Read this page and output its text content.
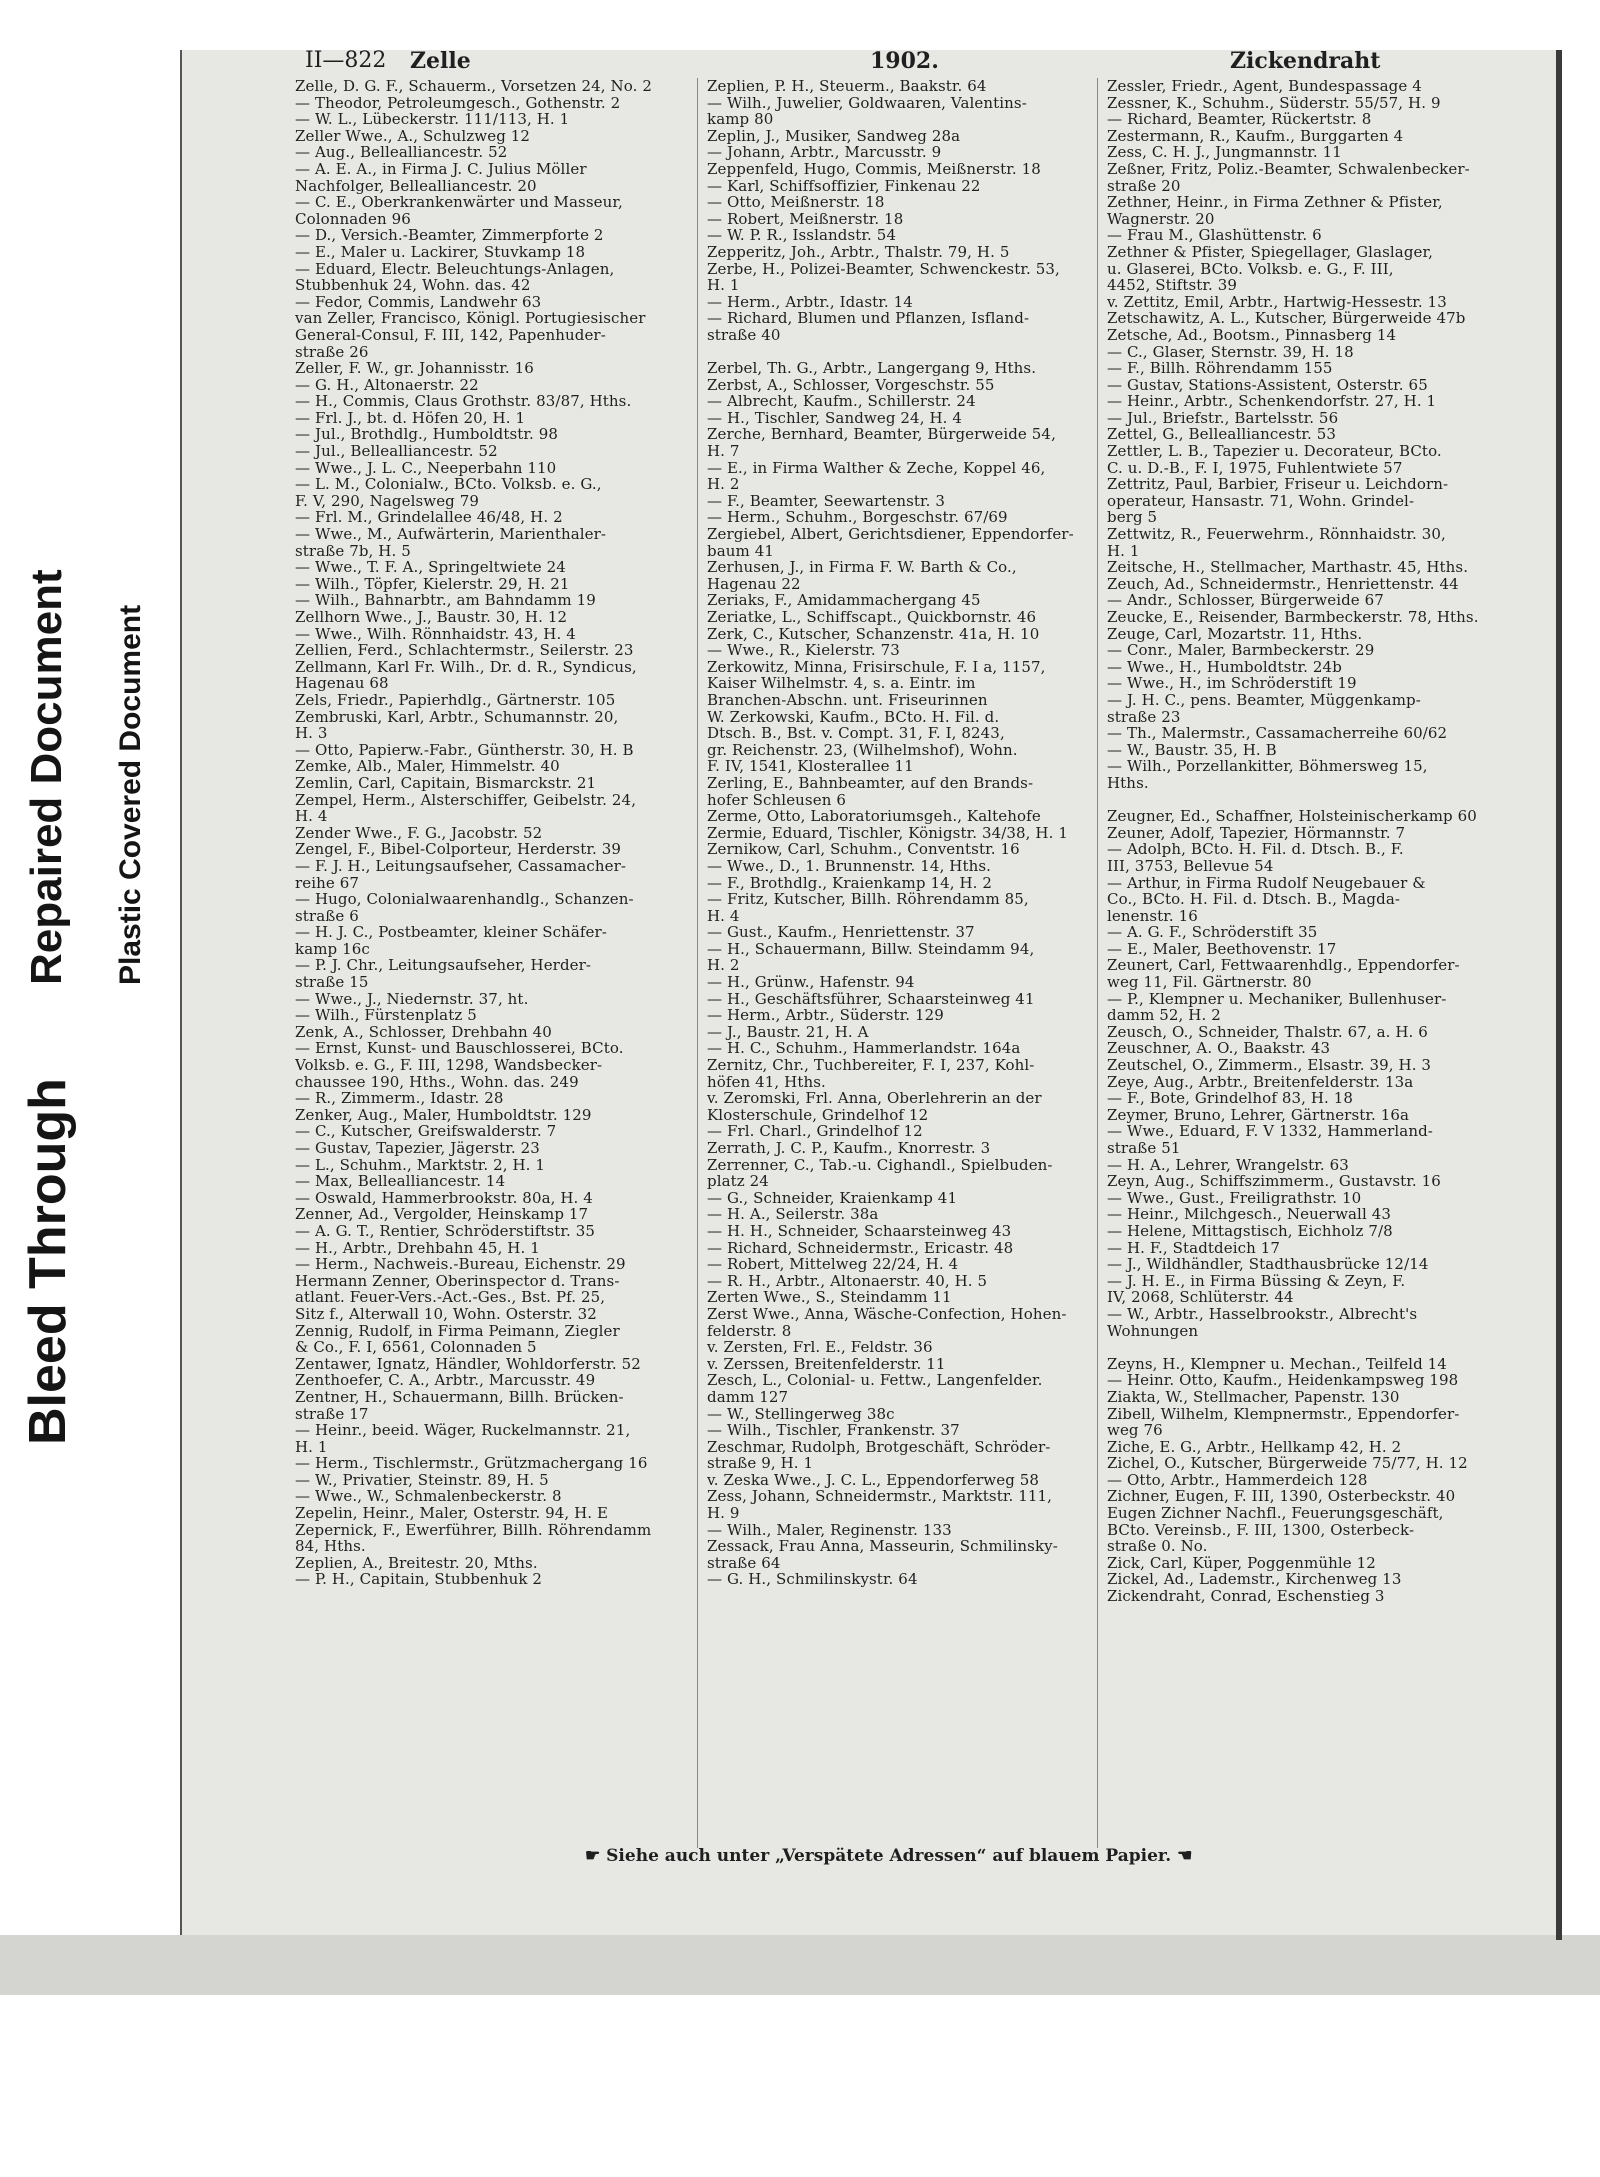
Bleed Through
Repaired Document Plastic Covered Document
II—822 Zelle	1902.	Zickendraht
Zelle, D. G. F., Schauerm., Vorsetzen 24, No. 2
— Theodor, Petroleumgesch., Gothenstr. 2
— W. L., Lübeckerstr. 111/113, H. 1
Zeller Wwe., A., Schulzweg 12
— Aug., Bellealliancestr. 52
— A. E. A., in Firma J. C. Julius Möller
Nachfolger, Bellealliancestr. 20
— C. E., Oberkrankenwärter und Masseur,
Colonnaden 96
— D., Versich.-Beamter, Zimmerpforte 2
— E., Maler u. Lackirer, Stuvkamp 18
— Eduard, Electr. Beleuchtungs-Anlagen,
Stubbenhuk 24, Wohn. das. 42
— Fedor, Commis, Landwehr 63
van Zeller, Francisco, Königl. Portugiesischer
General-Consul, F. III, 142, Papenhuder-
straße 26
Zeller, F. W., gr. Johannisstr. 16
— G. H., Altonaerstr. 22
— H., Commis, Claus Grothstr. 83/87, Hths.
— Frl. J., bt. d. Höfen 20, H. 1
— Jul., Brothdlg., Humboldtstr. 98
— Jul., Bellealliancestr. 52
— Wwe., J. L. C., Neeperbahn 110
— L. M., Colonialw., BCto. Volksb. e. G.,
F. V, 290, Nagelsweg 79
— Frl. M., Grindelallee 46/48, H. 2
— Wwe., M., Aufwärterin, Marienthaler-
straße 7b, H. 5
— Wwe., T. F. A., Springeltwiete 24
— Wilh., Töpfer, Kielerstr. 29, H. 21
— Wilh., Bahnarbtr., am Bahndamm 19
Zellhorn Wwe., J., Baustr. 30, H. 12
— Wwe., Wilh. Rönnhaidstr. 43, H. 4
Zellien, Ferd., Schlachtermstr., Seilerstr. 23
Zellmann, Karl Fr. Wilh., Dr. d. R., Syndicus,
Hagenau 68
Zels, Friedr., Papierhdlg., Gärtnerstr. 105
Zembruski, Karl, Arbtr., Schumannstr. 20,
H. 3
— Otto, Papierw.-Fabr., Güntherstr. 30, H. B
Zemke, Alb., Maler, Himmelstr. 40
Zemlin, Carl, Capitain, Bismarckstr. 21
Zempel, Herm., Alsterschiffer, Geibelstr. 24,
H. 4
Zender Wwe., F. G., Jacobstr. 52
Zengel, F., Bibel-Colporteur, Herderstr. 39
— F. J. H., Leitungsaufseher, Cassamacher-
reihe 67
— Hugo, Colonialwaarenhandlg., Schanzen-
straße 6
— H. J. C., Postbeamter, kleiner Schäfer-
kamp 16c
— P. J. Chr., Leitungsaufseher, Herder-
straße 15
— Wwe., J., Niedernstr. 37, ht.
— Wilh., Fürstenplatz 5
Zenk, A., Schlosser, Drehbahn 40
— Ernst, Kunst- und Bauschlosserei, BCto.
Volksb. e. G., F. III, 1298, Wandsbecker-
chaussee 190, Hths., Wohn. das. 249
— R., Zimmerm., Idastr. 28
Zenker, Aug., Maler, Humboldtstr. 129
— C., Kutscher, Greifswalderstr. 7
— Gustav, Tapezier, Jägerstr. 23
— L., Schuhm., Marktstr. 2, H. 1
— Max, Bellealliancestr. 14
— Oswald, Hammerbrookstr. 80a, H. 4
Zenner, Ad., Vergolder, Heinskamp 17
— A. G. T., Rentier, Schröderstiftstr. 35
— H., Arbtr., Drehbahn 45, H. 1
— Herm., Nachweis.-Bureau, Eichenstr. 29
Hermann Zenner, Oberinspector d. Trans-
atlant. Feuer-Vers.-Act.-Ges., Bst. Pf. 25,
Sitz f., Alterwall 10, Wohn. Osterstr. 32
Zennig, Rudolf, in Firma Peimann, Ziegler
& Co., F. I, 6561, Colonnaden 5
Zentawer, Ignatz, Händler, Wohldorferstr. 52
Zenthoefer, C. A., Arbtr., Marcusstr. 49
Zentner, H., Schauermann, Billh. Brücken-
straße 17
— Heinr., beeid. Wäger, Ruckelmannstr. 21,
H. 1
— Herm., Tischlermstr., Grützmachergang 16
— W., Privatier, Steinstr. 89, H. 5
— Wwe., W., Schmalenbeckerstr. 8
Zepelin, Heinr., Maler, Osterstr. 94, H. E
Zepernick, F., Ewerführer, Billh. Röhrendamm
84, Hths.
Zeplien, A., Breitestr. 20, Mths.
— P. H., Capitain, Stubbenhuk 2
Zeplien, P. H., Steuerm., Baakstr. 64
— Wilh., Juwelier, Goldwaaren, Valentins-
kamp 80
Zeplin, J., Musiker, Sandweg 28a
— Johann, Arbtr., Marcusstr. 9
Zeppenfeld, Hugo, Commis, Meißnerstr. 18
— Karl, Schiffsoffizier, Finkenau 22
— Otto, Meißnerstr. 18
— Robert, Meißnerstr. 18
— W. P. R., Isslandstr. 54
Zepperitz, Joh., Arbtr., Thalstr. 79, H. 5
Zerbe, H., Polizei-Beamter, Schwenckestr. 53,
H. 1
— Herm., Arbtr., Idastr. 14
— Richard, Blumen und Pflanzen, Isfland-
straße 40
Zerbel, Th. G., Arbtr., Langergang 9, Hths.
Zerbst, A., Schlosser, Vorgeschstr. 55
— Albrecht, Kaufm., Schillerstr. 24
— H., Tischler, Sandweg 24, H. 4
Zerche, Bernhard, Beamter, Bürgerweide 54,
H. 7
— E., in Firma Walther & Zeche, Koppel 46,
H. 2
— F., Beamter, Seewartenstr. 3
— Herm., Schuhm., Borgeschstr. 67/69
Zergiebel, Albert, Gerichtsdiener, Eppendorfer-
baum 41
Zerhusen, J., in Firma F. W. Barth & Co.,
Hagenau 22
Zeriaks, F., Amidammachergang 45
Zeriatke, L., Schiffscapt., Quickbornstr. 46
Zerk, C., Kutscher, Schanzenstr. 41a, H. 10
— Wwe., R., Kielerstr. 73
Zerkowitz, Minna, Frisirschule, F. I a, 1157,
Kaiser Wilhelmstr. 4, s. a. Eintr. im
Branchen-Abschn. unt. Friseurinnen
W. Zerkowski, Kaufm., BCto. H. Fil. d.
Dtsch. B., Bst. v. Compt. 31, F. I, 8243,
gr. Reichenstr. 23, (Wilhelmshof), Wohn.
F. IV, 1541, Klosterallee 11
Zerling, E., Bahnbeamter, auf den Brands-
hofer Schleusen 6
Zerme, Otto, Laboratoriumsgeh., Kaltehofe
Zermie, Eduard, Tischler, Königstr. 34/38, H. 1
Zernikow, Carl, Schuhm., Conventstr. 16
— Wwe., D., 1. Brunnenstr. 14, Hths.
— F., Brothdlg., Kraienkamp 14, H. 2
— Fritz, Kutscher, Billh. Röhrendamm 85,
H. 4
— Gust., Kaufm., Henriettenstr. 37
— H., Schauermann, Billw. Steindamm 94,
H. 2
— H., Grünw., Hafenstr. 94
— H., Geschäftsführer, Schaarsteinweg 41
— Herm., Arbtr., Süderstr. 129
— J., Baustr. 21, H. A
— H. C., Schuhm., Hammerlandstr. 164a
Zernitz, Chr., Tuchbereiter, F. I, 237, Kohl-
höfen 41, Hths.
v. Zeromski, Frl. Anna, Oberlehrerin an der
Klosterschule, Grindelhof 12
— Frl. Charl., Grindelhof 12
Zerrath, J. C. P., Kaufm., Knorrestr. 3
Zerrenner, C., Tab.-u. Cighandl., Spielbuden-
platz 24
— G., Schneider, Kraienkamp 41
— H. A., Seilerstr. 38a
— H. H., Schneider, Schaarsteinweg 43
— Richard, Schneidermstr., Ericastr. 48
— Robert, Mittelweg 22/24, H. 4
— R. H., Arbtr., Altonaerstr. 40, H. 5
Zerten Wwe., S., Steindamm 11
Zerst Wwe., Anna, Wäsche-Confection, Hohen-
felderstr. 8
v. Zersten, Frl. E., Feldstr. 36
v. Zerssen, Breitenfelderstr. 11
Zesch, L., Colonial- u. Fettw., Langenfelder.
damm 127
— W., Stellingerweg 38c
— Wilh., Tischler, Frankenstr. 37
Zeschmar, Rudolph, Brotgeschäft, Schröder-
straße 9, H. 1
v. Zeska Wwe., J. C. L., Eppendorferweg 58
Zess, Johann, Schneidermstr., Marktstr. 111,
H. 9
— Wilh., Maler, Reginenstr. 133
Zessack, Frau Anna, Masseurin, Schmilinsky-
straße 64
— G. H., Schmilinskystr. 64
Zessler, Friedr., Agent, Bundespassage 4
Zessner, K., Schuhm., Süderstr. 55/57, H. 9
— Richard, Beamter, Rückertstr. 8
Zestermann, R., Kaufm., Burggarten 4
Zess, C. H. J., Jungmannstr. 11
Zeßner, Fritz, Poliz.-Beamter, Schwalenbecker-
straße 20
Zethner, Heinr., in Firma Zethner & Pfister,
Wagnerstr. 20
— Frau M., Glashüttenstr. 6
Zethner & Pfister, Spiegellager, Glaslager,
u. Glaserei, BCto. Volksb. e. G., F. III,
4452, Stiftstr. 39
v. Zettitz, Emil, Arbtr., Hartwig-Hessestr. 13
Zetschawitz, A. L., Kutscher, Bürgerweide 47b
Zetsche, Ad., Bootsm., Pinnasberg 14
— C., Glaser, Sternstr. 39, H. 18
— F., Billh. Röhrendamm 155
— Gustav, Stations-Assistent, Osterstr. 65
— Heinr., Arbtr., Schenkendorfstr. 27, H. 1
— Jul., Briefstr., Bartelsstr. 56
Zettel, G., Bellealliancestr. 53
Zettler, L. B., Tapezier u. Decorateur, BCto.
C. u. D.-B., F. I, 1975, Fuhlentwiete 57
Zettritz, Paul, Barbier, Friseur u. Leichdorn-
operateur, Hansastr. 71, Wohn. Grindel-
berg 5
Zettwitz, R., Feuerwehrm., Rönnhaidstr. 30,
H. 1
Zeitsche, H., Stellmacher, Marthastr. 45, Hths.
Zeuch, Ad., Schneidermstr., Henriettenstr. 44
— Andr., Schlosser, Bürgerweide 67
Zeucke, E., Reisender, Barmbeckerstr. 78, Hths.
Zeuge, Carl, Mozartstr. 11, Hths.
— Conr., Maler, Barmbeckerstr. 29
— Wwe., H., Humboldtstr. 24b
— Wwe., H., im Schröderstift 19
— J. H. C., pens. Beamter, Müggenkamp-
straße 23
— Th., Malermstr., Cassamacherreihe 60/62
— W., Baustr. 35, H. B
— Wilh., Porzellankitter, Böhmersweg 15,
Hths.
Zeugner, Ed., Schaffner, Holsteinischerkamp 60
Zeuner, Adolf, Tapezier, Hörmannstr. 7
— Adolph, BCto. H. Fil. d. Dtsch. B., F.
III, 3753, Bellevue 54
— Arthur, in Firma Rudolf Neugebauer &
Co., BCto. H. Fil. d. Dtsch. B., Magda-
lenenstr. 16
— A. G. F., Schröderstift 35
— E., Maler, Beethovenstr. 17
Zeunert, Carl, Fettwaarenhdlg., Eppendorfer-
weg 11, Fil. Gärtnerstr. 80
— P., Klempner u. Mechaniker, Bullenhuser-
damm 52, H. 2
Zeusch, O., Schneider, Thalstr. 67, a. H. 6
Zeuschner, A. O., Baakstr. 43
Zeutschel, O., Zimmerm., Elsastr. 39, H. 3
Zeye, Aug., Arbtr., Breitenfelderstr. 13a
— F., Bote, Grindelhof 83, H. 18
Zeymer, Bruno, Lehrer, Gärtnerstr. 16a
— Wwe., Eduard, F. V 1332, Hammerland-
straße 51
— H. A., Lehrer, Wrangelstr. 63
Zeyn, Aug., Schiffszimmerm., Gustavstr. 16
— Wwe., Gust., Freiligrathstr. 10
— Heinr., Milchgesch., Neuerwall 43
— Helene, Mittagstisch, Eichholz 7/8
— H. F., Stadtdeich 17
— J., Wildhändler, Stadthausbrücke 12/14
— J. H. E., in Firma Büssing & Zeyn, F.
IV, 2068, Schlüterstr. 44
— W., Arbtr., Hasselbrookstr., Albrecht's
Wohnungen
Zeyns, H., Klempner u. Mechan., Teilfeld 14
— Heinr. Otto, Kaufm., Heidenkampsweg 198
Ziakta, W., Stellmacher, Papenstr. 130
Zibell, Wilhelm, Klempnermstr., Eppendorfer-
weg 76
Ziche, E. G., Arbtr., Hellkamp 42, H. 2
Zichel, O., Kutscher, Bürgerweide 75/77, H. 12
— Otto, Arbtr., Hammerdeich 128
Zichner, Eugen, F. III, 1390, Osterbeckstr. 40
Eugen Zichner Nachfl., Feuerungsgeschäft,
BCto. Vereinsb., F. III, 1300, Osterbeck-
straße 0. No.
Zick, Carl, Küper, Poggenmühle 12
Zickel, Ad., Lademstr., Kirchenweg 13
Zickendraht, Conrad, Eschenstieg 3
☛ Siehe auch unter „Verspätete Adressen“ auf blauem Papier. ☚
